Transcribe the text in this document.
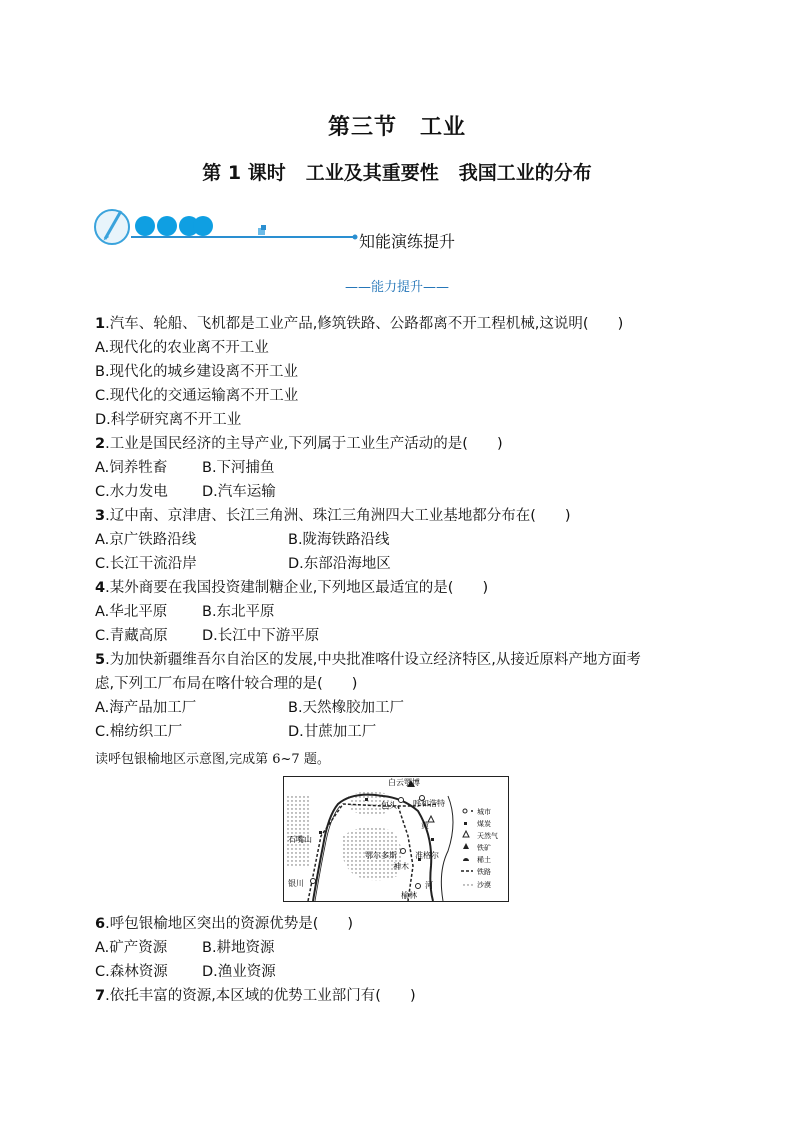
第三节　工业
第 1 课时 工业及其重要性 我国工业的分布
知能演练提升
——能力提升——
1.汽车、轮船、飞机都是工业产品,修筑铁路、公路都离不开工程机械,这说明(　　)
A.现代化的农业离不开工业
B.现代化的城乡建设离不开工业
C.现代化的交通运输离不开工业
D.科学研究离不开工业
2.工业是国民经济的主导产业,下列属于工业生产活动的是(　　)
A.饲养牲畜 B.下河捕鱼
C.水力发电 D.汽车运输
3.辽中南、京津唐、长江三角洲、珠江三角洲四大工业基地都分布在(　　)
A.京广铁路沿线	B.陇海铁路沿线
C.长江干流沿岸	D.东部沿海地区
4.某外商要在我国投资建制糖企业,下列地区最适宜的是(　　)
A.华北平原 B.东北平原
C.青藏高原 D.长江中下游平原
5.为加快新疆维吾尔自治区的发展,中央批准喀什设立经济特区,从接近原料产地方面考
虑,下列工厂布局在喀什较合理的是(　　)
A.海产品加工厂	B.天然橡胶加工厂
C.棉纺织工厂	D.甘蔗加工厂
读呼包银榆地区示意图,完成第 6~7 题。
白云鄂博
包头 呼和浩特
石嘴山
鄂尔多斯 准格尔
神木
银川
榆林
黄
河
城市
煤炭
天然气
铁矿
稀土
铁路
沙漠
6.呼包银榆地区突出的资源优势是(　　)
A.矿产资源 B.耕地资源
C.森林资源 D.渔业资源
7.依托丰富的资源,本区域的优势工业部门有(　　)
